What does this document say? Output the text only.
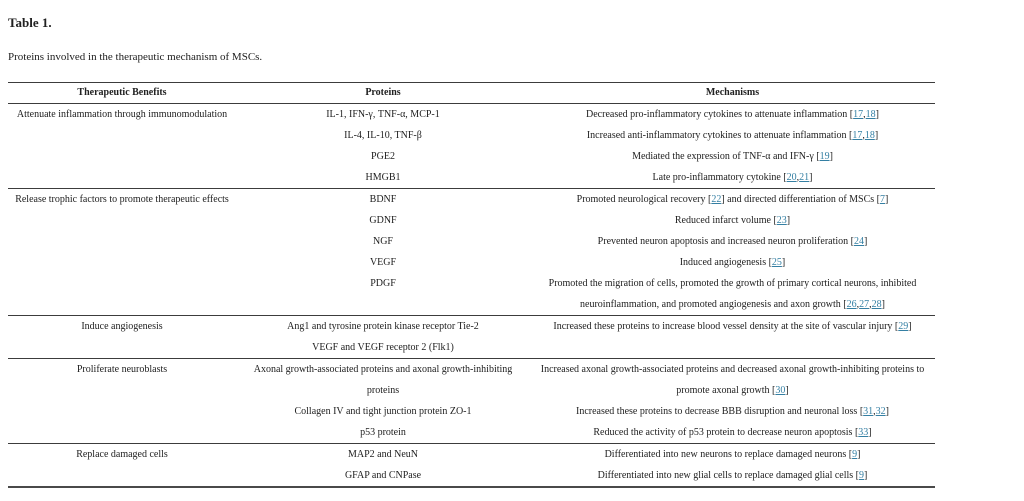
Table 1.
Proteins involved in the therapeutic mechanism of MSCs.
Therapeutic Benefits	Proteins	Mechanisms
Attenuate inflammation through immunomodulation	IL-1, IFN-γ, TNF-α, MCP-1	Decreased pro-inflammatory cytokines to attenuate inflammation [17,18]
	IL-4, IL-10, TNF-β	Increased anti-inflammatory cytokines to attenuate inflammation [17,18]
	PGE2	Mediated the expression of TNF-α and IFN-γ [19]
	HMGB1	Late pro-inflammatory cytokine [20,21]
Release trophic factors to promote therapeutic effects	BDNF	Promoted neurological recovery [22] and directed differentiation of MSCs [7]
	GDNF	Reduced infarct volume [23]
	NGF	Prevented neuron apoptosis and increased neuron proliferation [24]
	VEGF	Induced angiogenesis [25]
	PDGF	Promoted the migration of cells, promoted the growth of primary cortical neurons, inhibited neuroinflammation, and promoted angiogenesis and axon growth [26,27,28]
Induce angiogenesis	Ang1 and tyrosine protein kinase receptor Tie-2	Increased these proteins to increase blood vessel density at the site of vascular injury [29]
	VEGF and VEGF receptor 2 (Flk1)	
Proliferate neuroblasts	Axonal growth-associated proteins and axonal growth-inhibiting proteins	Increased axonal growth-associated proteins and decreased axonal growth-inhibiting proteins to promote axonal growth [30]
	Collagen IV and tight junction protein ZO-1	Increased these proteins to decrease BBB disruption and neuronal loss [31,32]
	p53 protein	Reduced the activity of p53 protein to decrease neuron apoptosis [33]
Replace damaged cells	MAP2 and NeuN	Differentiated into new neurons to replace damaged neurons [9]
	GFAP and CNPase	Differentiated into new glial cells to replace damaged glial cells [9]
